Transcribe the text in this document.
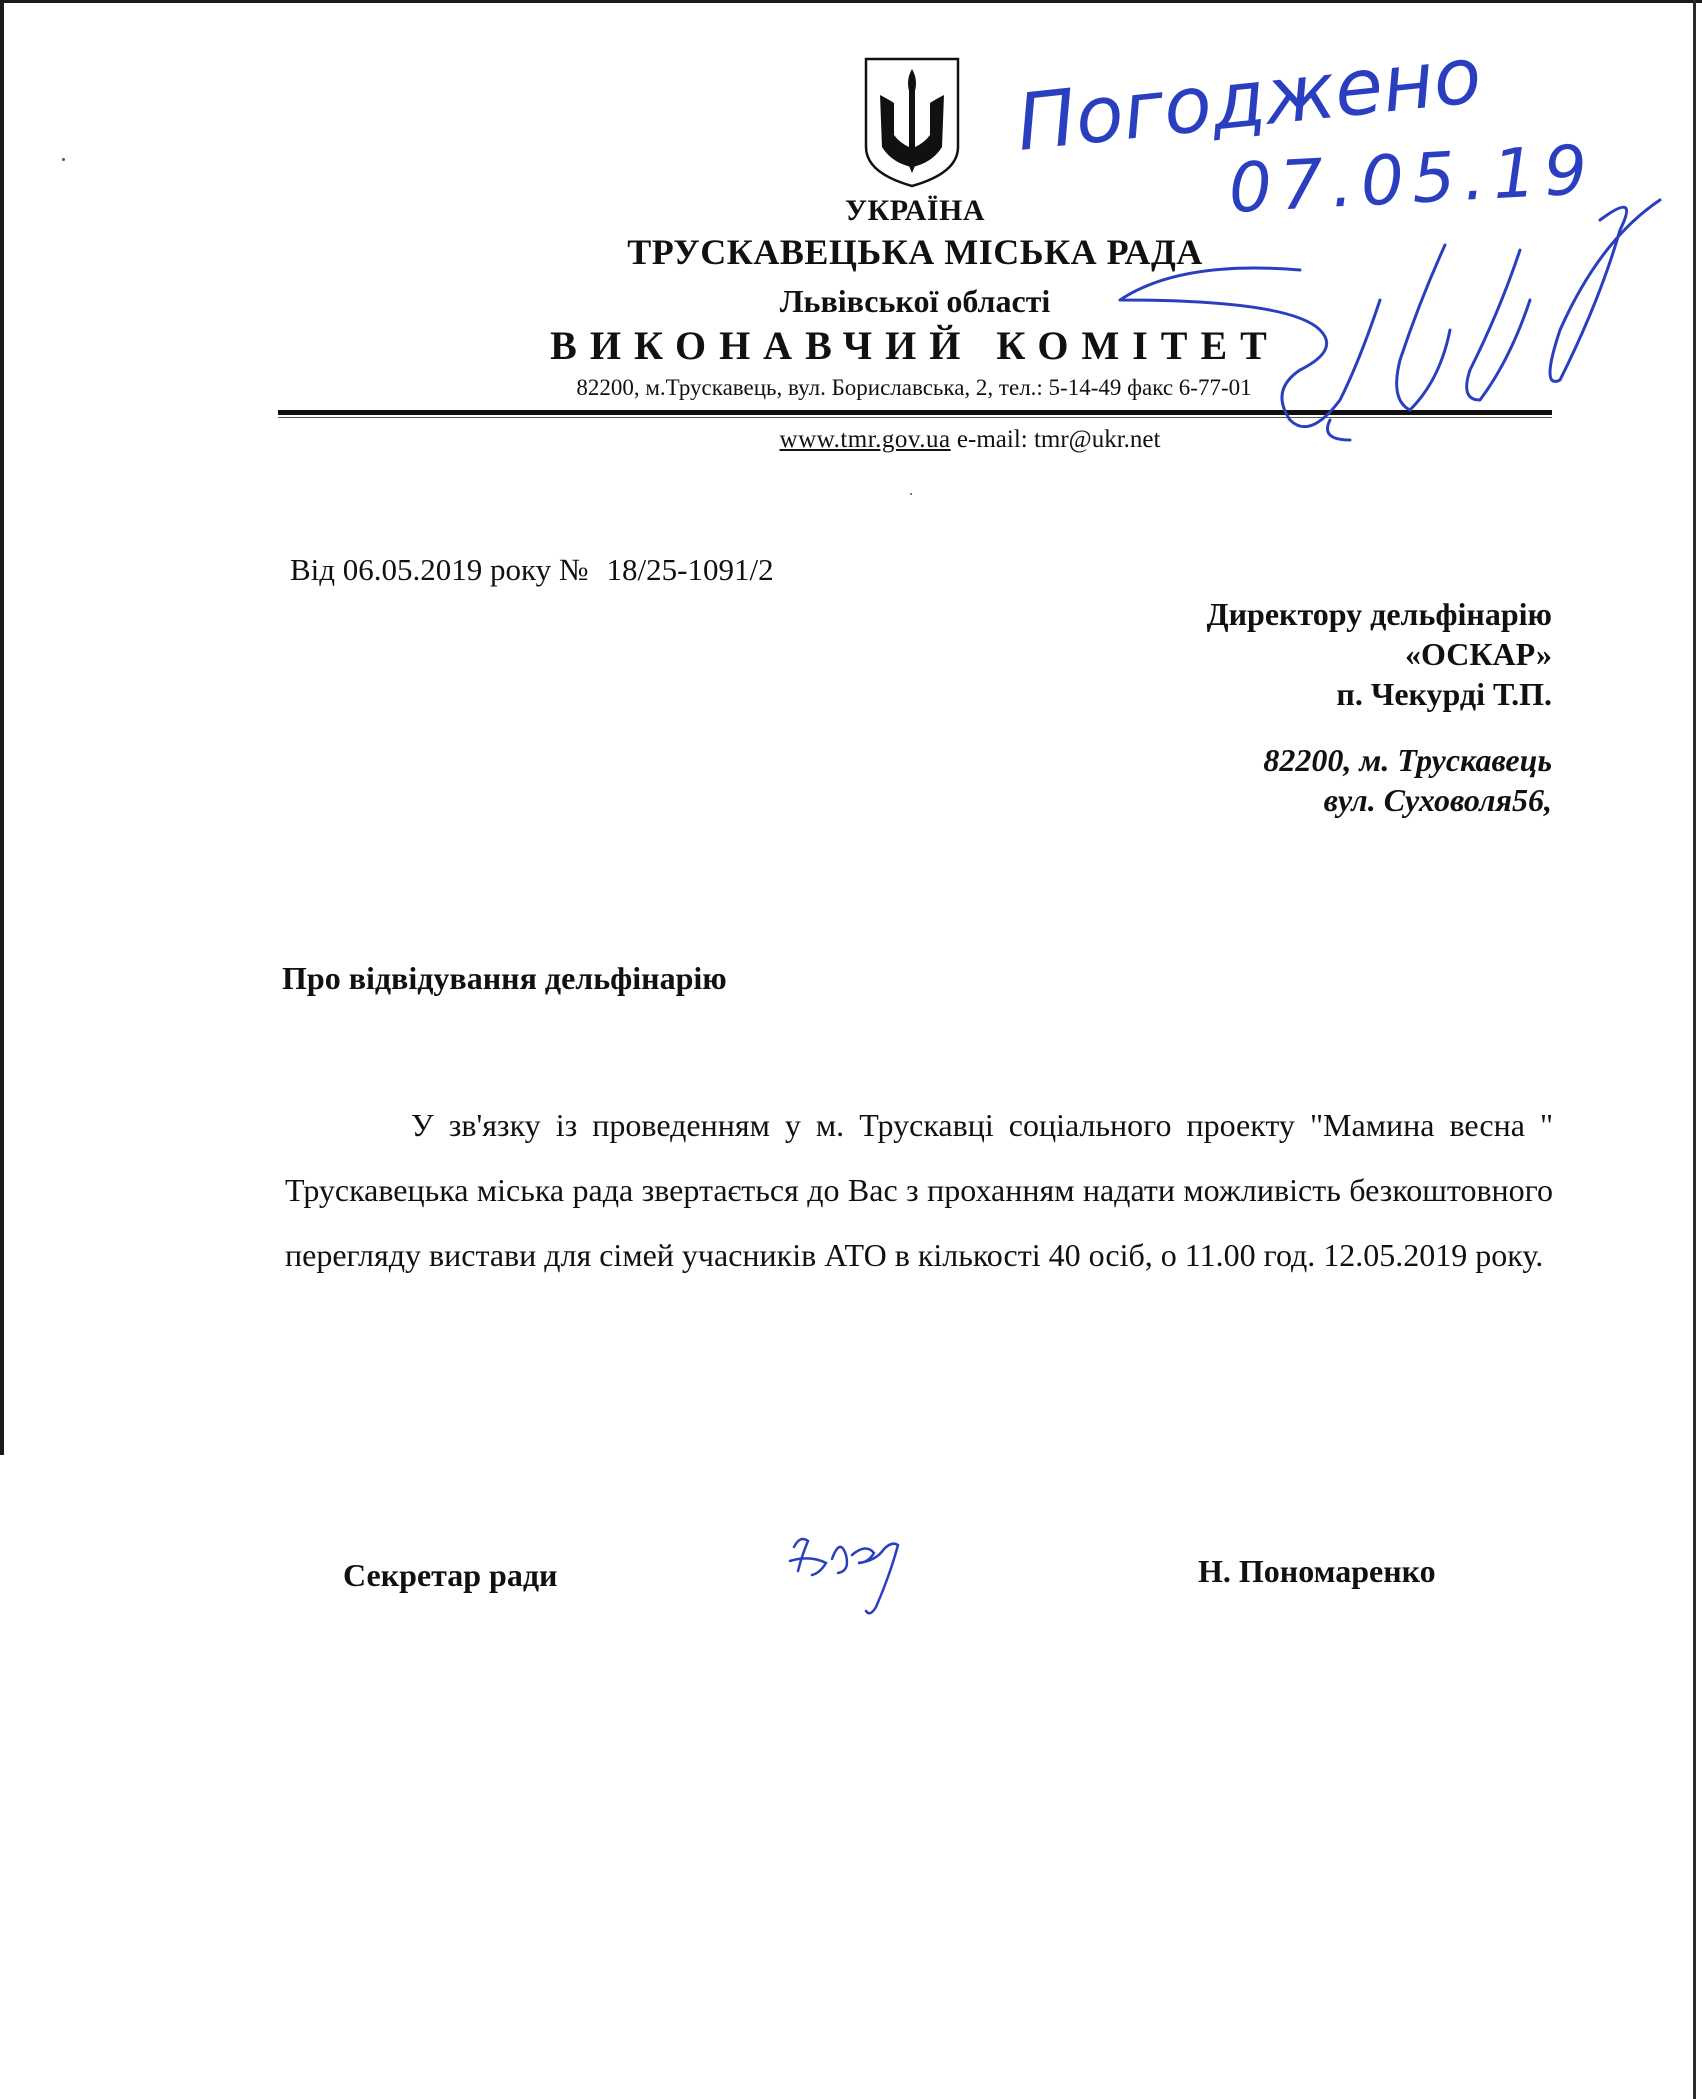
УКРАЇНА
ТРУСКАВЕЦЬКА МІСЬКА РАДА
Львівської області
ВИКОНАВЧИЙ КОМІТЕТ
82200, м.Трускавець, вул. Бориславська, 2, тел.: 5-14-49 факс 6-77-01
www.tmr.gov.ua e-mail: tmr@ukr.net
Від 06.05.2019 року № 18/25-1091/2
Директору дельфінарію
«ОСКАР»
п. Чекурді Т.П.
82200, м. Трускавець
вул. Суховоля56,
Про відвідування дельфінарію
У зв'язку із проведенням у м. Трускавці соціального проекту "Мамина весна " Трускавецька міська рада звертається до Вас з проханням надати можливість безкоштовного перегляду вистави для сімей учасників АТО в кількості 40 осіб, о 11.00 год. 12.05.2019 року.
Секретар ради	Н. Пономаренко
Погоджено
07.05.19
